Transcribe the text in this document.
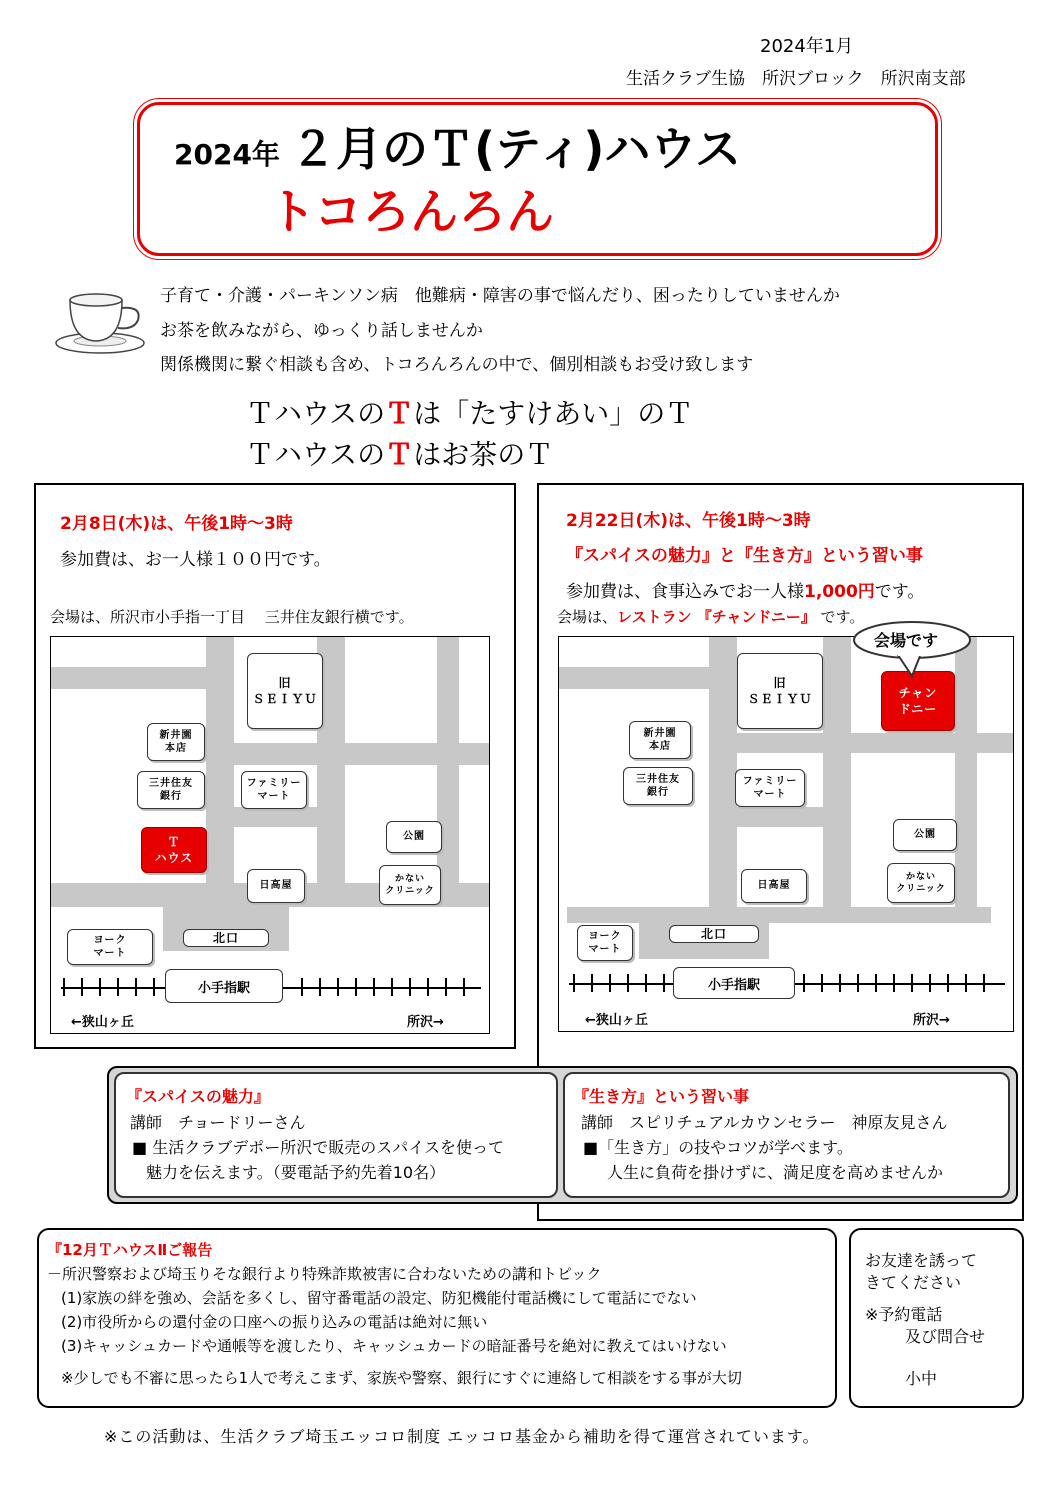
2024年1月
生活クラブ生協　所沢ブロック　所沢南支部
2024年 ２月のＴ(ティ)ハウス
トコろんろん
子育て・介護・パーキンソン病　他難病・障害の事で悩んだり、困ったりしていませんか
お茶を飲みながら、ゆっくり話しませんか
関係機関に繋ぐ相談も含め、トコろんろんの中で、個別相談もお受け致します
ＴハウスのＴは「たすけあい」のＴ
ＴハウスのＴはお茶のＴ
2月8日(木)は、午後1時～3時
参加費は、お一人様１００円です。
会場は、所沢市小手指一丁目　 三井住友銀行横です。
旧
ＳＥＩＹＵ
新井園
本店
三井住友
銀行
ファミリー
マート
Ｔ
ハウス
公園
日高屋
かない
クリニック
ヨーク
マート
北口
小手指駅
←狭山ヶ丘	所沢→
2月22日(木)は、午後1時～3時
『スパイスの魅力』と『生き方』という習い事
参加費は、食事込みでお一人様1,000円です。
会場は、レストラン 『チャンドニー』 です。
旧
ＳＥＩＹＵ
新井園
本店
三井住友
銀行
ファミリー
マート
チャン
ドニー
公園
日高屋
かない
クリニック
ヨーク
マート
北口
小手指駅
←狭山ヶ丘	所沢→
会場です
『スパイスの魅力』
講師　チョードリーさん
■ 生活クラブデポー所沢で販売のスパイスを使って
魅力を伝えます。（要電話予約先着10名）
『生き方』という習い事
講師　スピリチュアルカウンセラー　神原友見さん
■「生き方」の技やコツが学べます。
人生に負荷を掛けずに、満足度を高めませんか
『12月ＴハウスⅡご報告
－所沢警察および埼玉りそな銀行より特殊詐欺被害に合わないための講和トピック
(1)家族の絆を強め、会話を多くし、留守番電話の設定、防犯機能付電話機にして電話にでない
(2)市役所からの還付金の口座への振り込みの電話は絶対に無い
(3)キャッシュカードや通帳等を渡したり、キャッシュカードの暗証番号を絶対に教えてはいけない
※少しでも不審に思ったら1人で考えこまず、家族や警察、銀行にすぐに連絡して相談をする事が大切
お友達を誘って
きてください
※予約電話
及び問合せ
小中
※この活動は、生活クラブ埼玉エッコロ制度 エッコロ基金から補助を得て運営されています。
